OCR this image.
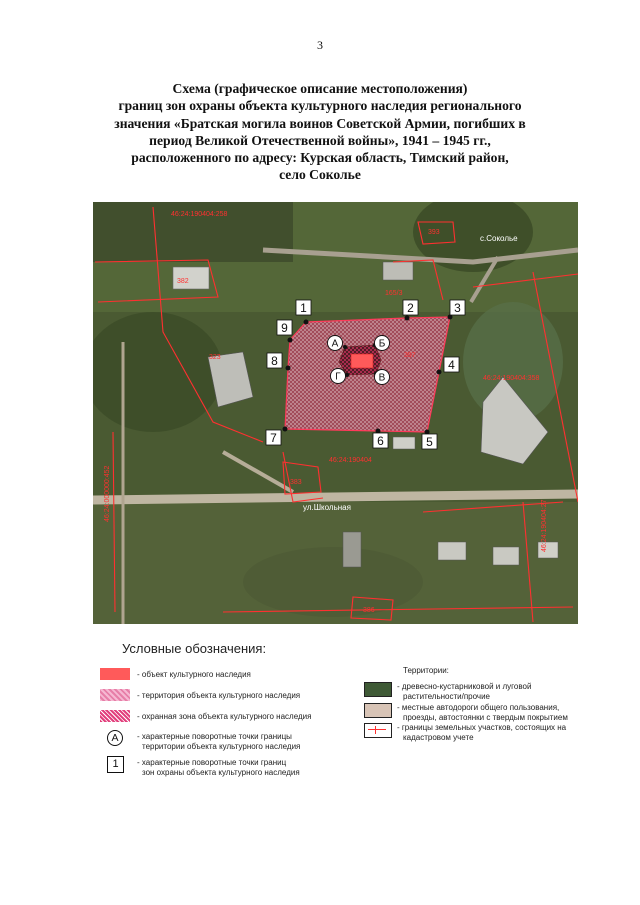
3
Схема (графическое описание местоположения)
границ зон охраны объекта культурного наследия регионального
значения «Братская могила воинов Советской Армии, погибших в
период Великой Отечественной войны», 1941 – 1945 гг.,
расположенного по адресу: Курская область, Тимский район,
село Соколье
1	2	3
4
5
6
7
8
9
А	Б
В
Г
с.Соколье
ул.Школьная
46:24:190404:258
46:24:190404:358
46:24:190404
46:24:000000:452
46:24:190404:27
393
382
165/3
323	397
383
386
Условные обозначения:
- объект культурного наследия
- территория объекта культурного наследия
- охранная зона объекта культурного наследия
А	- характерные поворотные точки границы
территории объекта культурного наследия
1	- характерные поворотные точки границ
зон охраны объекта культурного наследия
Территории:
- древесно-кустарниковой и луговой
растительности/прочие
- местные автодороги общего пользования,
проезды, автостоянки с твердым покрытием
- границы земельных участков, состоящих на
кадастровом учете
